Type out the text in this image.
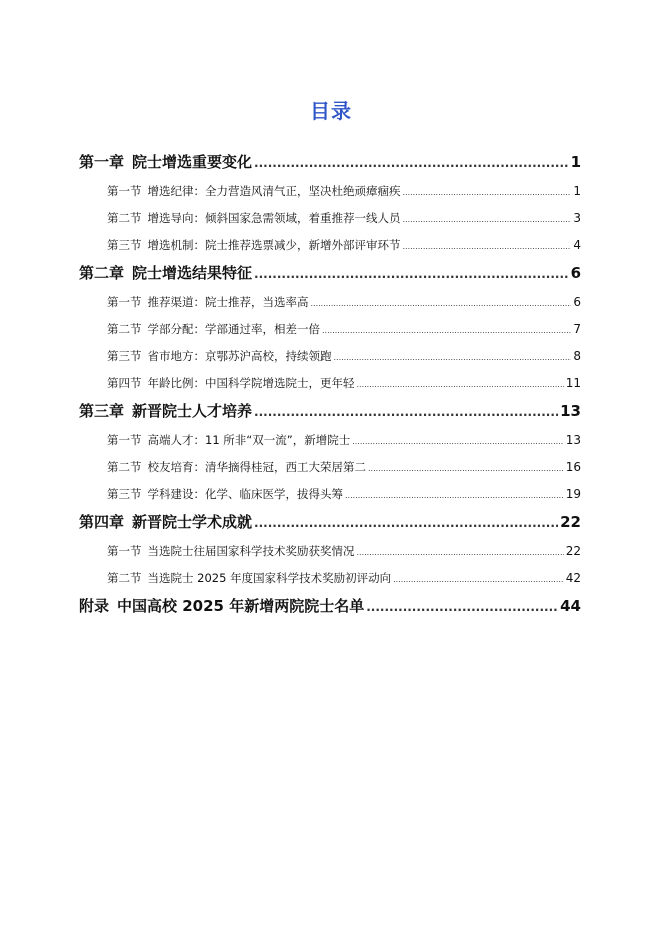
目录
第一章 院士增选重要变化 .....	1
第一节 增选纪律：全力营造风清气正，坚决杜绝顽瘴痼疾 .....	1
第二节 增选导向：倾斜国家急需领域，着重推荐一线人员 .....	3
第三节 增选机制：院士推荐选票减少，新增外部评审环节 .....	4
第二章 院士增选结果特征 .....	6
第一节 推荐渠道：院士推荐，当选率高 .....	6
第二节 学部分配：学部通过率，相差一倍 .....	7
第三节 省市地方：京鄂苏沪高校，持续领跑 .....	8
第四节 年龄比例：中国科学院增选院士，更年轻 .....	11
第三章 新晋院士人才培养 .....	13
第一节 高端人才：11 所非“双一流”，新增院士 .....	13
第二节 校友培育：清华摘得桂冠，西工大荣居第二 .....	16
第三节 学科建设：化学、临床医学，拔得头筹 .....	19
第四章 新晋院士学术成就 .....	22
第一节 当选院士往届国家科学技术奖励获奖情况 .....	22
第二节 当选院士 2025 年度国家科学技术奖励初评动向 .....	42
附录 中国高校 2025 年新增两院院士名单 .....	44
